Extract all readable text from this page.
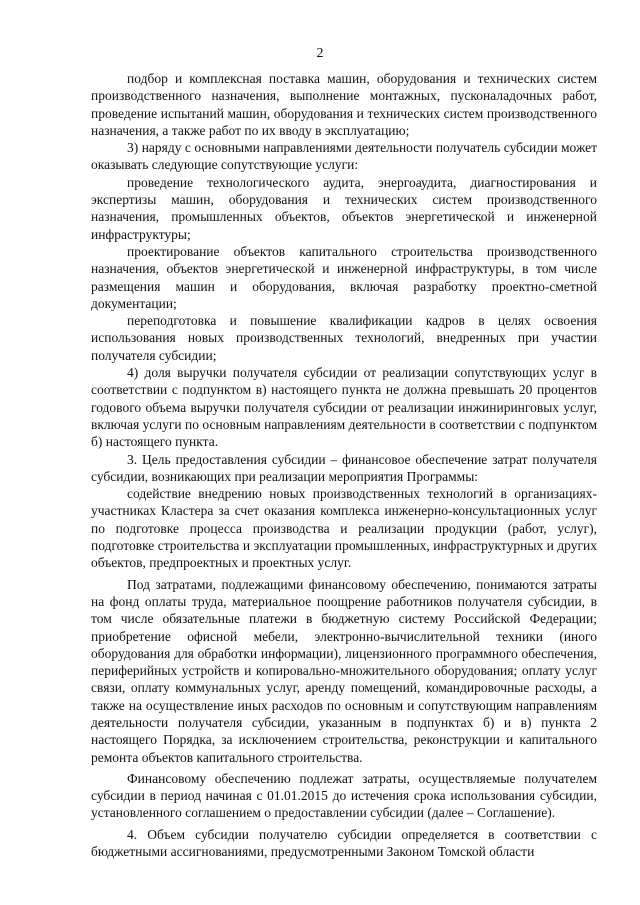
2

подбор и комплексная поставка машин, оборудования и технических систем производственного назначения, выполнение монтажных, пусконаладочных работ, проведение испытаний машин, оборудования и технических систем производственного назначения, а также работ по их вводу в эксплуатацию;

3) наряду с основными направлениями деятельности получатель субсидии может оказывать следующие сопутствующие услуги:

проведение технологического аудита, энергоаудита, диагностирования и экспертизы машин, оборудования и технических систем производственного назначения, промышленных объектов, объектов энергетической и инженерной инфраструктуры;

проектирование объектов капитального строительства производственного назначения, объектов энергетической и инженерной инфраструктуры, в том числе размещения машин и оборудования, включая разработку проектно-сметной документации;

переподготовка и повышение квалификации кадров в целях освоения использования новых производственных технологий, внедренных при участии получателя субсидии;

4) доля выручки получателя субсидии от реализации сопутствующих услуг в соответствии с подпунктом в) настоящего пункта не должна превышать 20 процентов годового объема выручки получателя субсидии от реализации инжиниринговых услуг, включая услуги по основным направлениям деятельности в соответствии с подпунктом б) настоящего пункта.

3. Цель предоставления субсидии – финансовое обеспечение затрат получателя субсидии, возникающих при реализации мероприятия Программы:

содействие внедрению новых производственных технологий в организациях-участниках Кластера за счет оказания комплекса инженерно-консультационных услуг по подготовке процесса производства и реализации продукции (работ, услуг), подготовке строительства и эксплуатации промышленных, инфраструктурных и других объектов, предпроектных и проектных услуг.

Под затратами, подлежащими финансовому обеспечению, понимаются затраты на фонд оплаты труда, материальное поощрение работников получателя субсидии, в том числе обязательные платежи в бюджетную систему Российской Федерации; приобретение офисной мебели, электронно-вычислительной техники (иного оборудования для обработки информации), лицензионного программного обеспечения, периферийных устройств и копировально-множительного оборудования; оплату услуг связи, оплату коммунальных услуг, аренду помещений, командировочные расходы, а также на осуществление иных расходов по основным и сопутствующим направлениям деятельности получателя субсидии, указанным в подпунктах б) и в) пункта 2 настоящего Порядка, за исключением строительства, реконструкции и капитального ремонта объектов капитального строительства.

Финансовому обеспечению подлежат затраты, осуществляемые получателем субсидии в период начиная с 01.01.2015 до истечения срока использования субсидии, установленного соглашением о предоставлении субсидии (далее – Соглашение).

4. Объем субсидии получателю субсидии определяется в соответствии с бюджетными ассигнованиями, предусмотренными Законом Томской области
